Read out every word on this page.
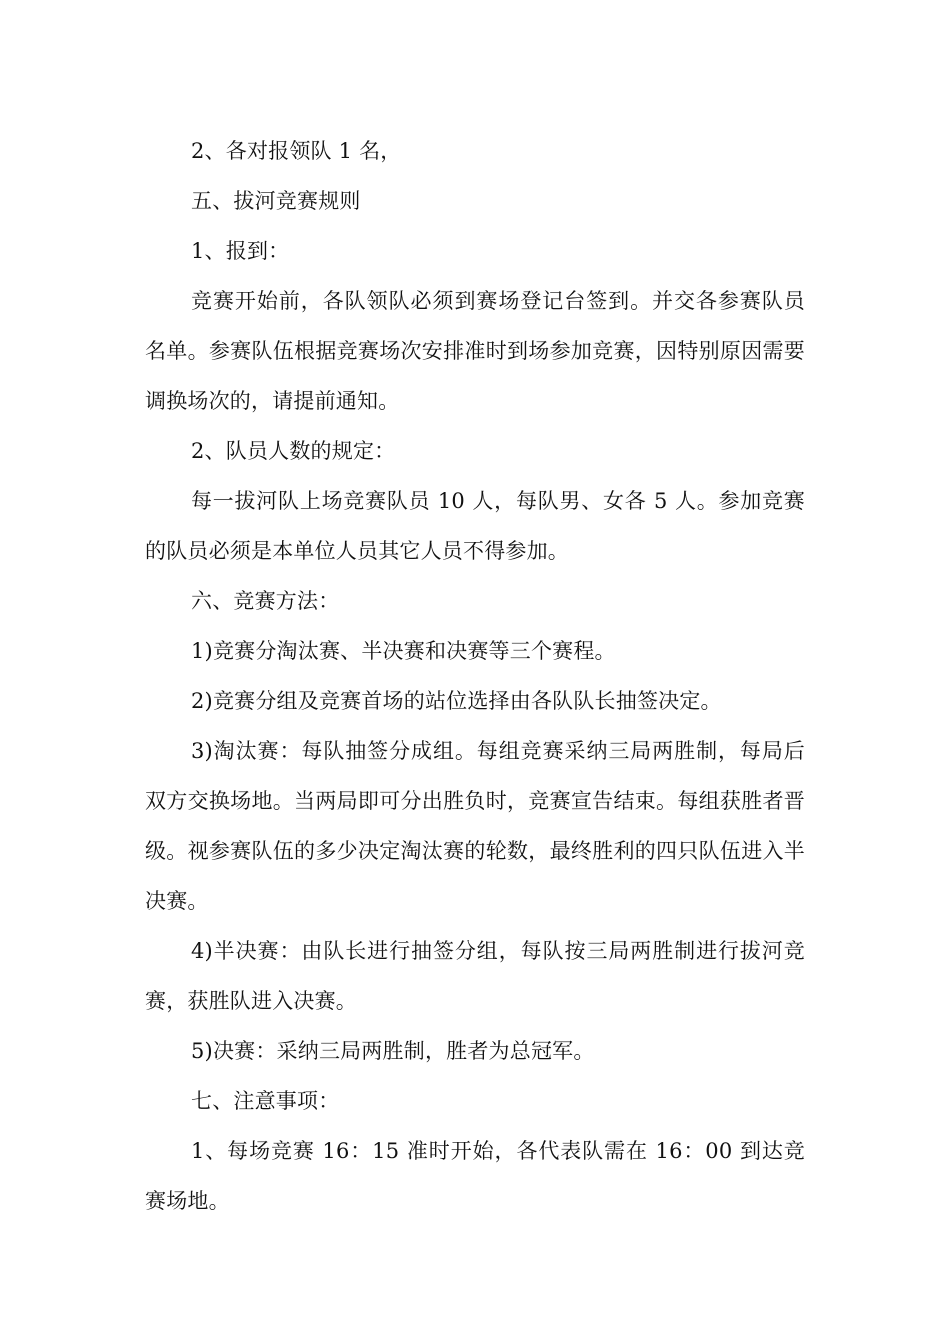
2、各对报领队 1 名，

五、拔河竞赛规则

1、报到：

竞赛开始前，各队领队必须到赛场登记台签到。并交各参赛队员名单。参赛队伍根据竞赛场次安排准时到场参加竞赛，因特别原因需要调换场次的，请提前通知。

2、队员人数的规定：

每一拔河队上场竞赛队员 10 人，每队男、女各 5 人。参加竞赛的队员必须是本单位人员其它人员不得参加。

六、竞赛方法：

1)竞赛分淘汰赛、半决赛和决赛等三个赛程。

2)竞赛分组及竞赛首场的站位选择由各队队长抽签决定。

3)淘汰赛：每队抽签分成组。每组竞赛采纳三局两胜制，每局后双方交换场地。当两局即可分出胜负时，竞赛宣告结束。每组获胜者晋级。视参赛队伍的多少决定淘汰赛的轮数，最终胜利的四只队伍进入半决赛。

4)半决赛：由队长进行抽签分组，每队按三局两胜制进行拔河竞赛，获胜队进入决赛。

5)决赛：采纳三局两胜制，胜者为总冠军。

七、注意事项：

1、每场竞赛 16：15 准时开始，各代表队需在 16：00 到达竞赛场地。
